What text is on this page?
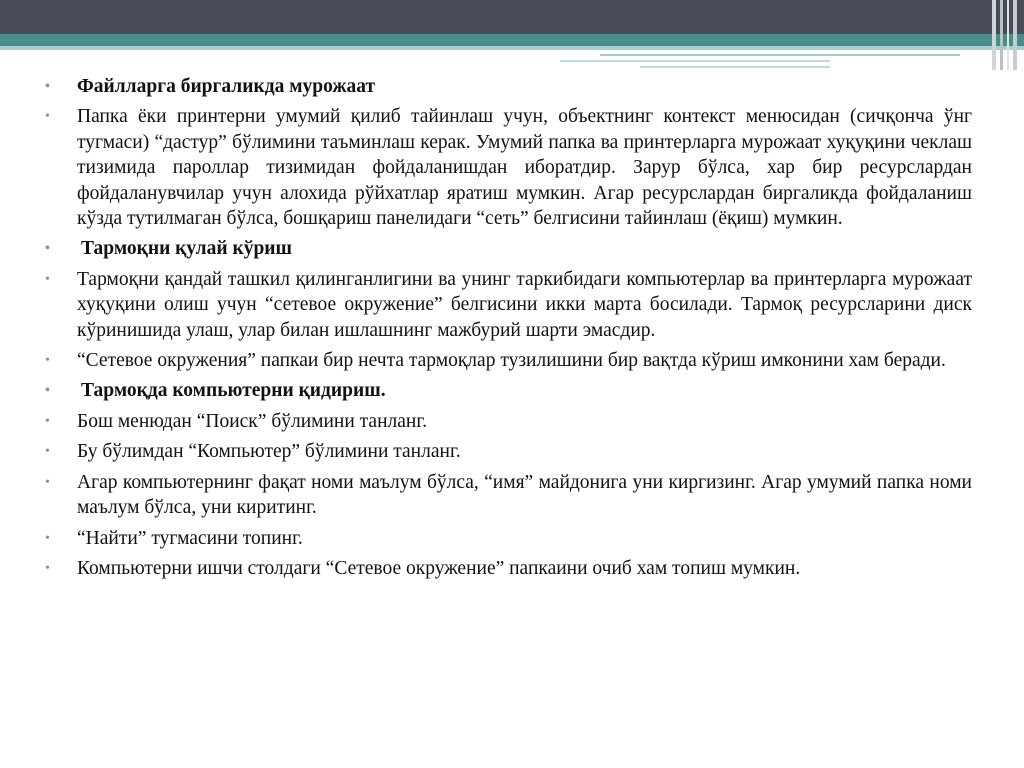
• Файлларга биргаликда мурожаат
• Папка ёки принтерни умумий қилиб тайинлаш учун, объектнинг контекст менюсидан (сичқонча ўнг тугмаси) “дастур” бўлимини таъминлаш керак. Умумий папка ва принтерларга мурожаат хуқуқини чеклаш тизимида пароллар тизимидан фойдаланишдан иборатдир. Зарур бўлса, хар бир ресурслардан фойдаланувчилар учун алохида рўйхатлар яратиш мумкин. Агар ресурслардан биргаликда фойдаланиш кўзда тутилмаган бўлса, бошқариш панелидаги “сеть” белгисини тайинлаш (ёқиш) мумкин.
• Тармоқни қулай кўриш
• Тармоқни қандай ташкил қилинганлигини ва унинг таркибидаги компьютерлар ва принтерларга мурожаат хуқуқини олиш учун “сетевое окружение” белгисини икки марта босилади. Тармоқ ресурсларини диск кўринишида улаш, улар билан ишлашнинг мажбурий шарти эмасдир.
• “Сетевое окружения” папкаи бир нечта тармоқлар тузилишини бир вақтда кўриш имконини хам беради.
• Тармоқда компьютерни қидириш.
• Бош менюдан “Поиск” бўлимини танланг.
• Бу бўлимдан “Компьютер” бўлимини танланг.
• Агар компьютернинг фақат номи маълум бўлса, “имя” майдонига уни киргизинг. Агар умумий папка номи маълум бўлса, уни киритинг.
• “Найти” тугмасини топинг.
• Компьютерни ишчи столдаги “Сетевое окружение” папкаини очиб хам топиш мумкин.
